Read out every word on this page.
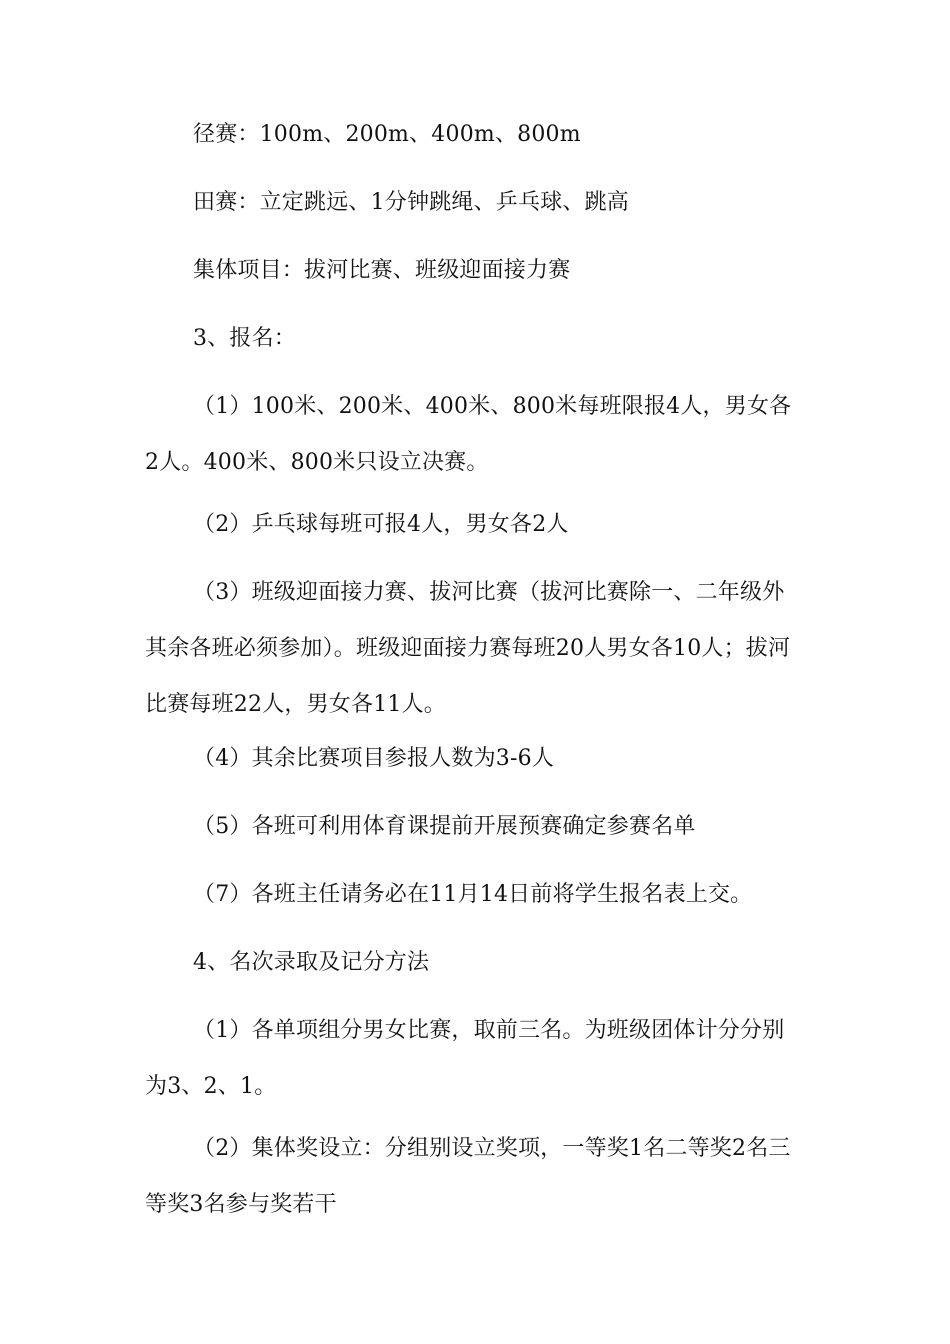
径赛：100m、200m、400m、800m

田赛：立定跳远、1分钟跳绳、乒乓球、跳高

集体项目：拔河比赛、班级迎面接力赛

3、报名：

（1）100米、200米、400米、800米每班限报4人，男女各2人。400米、800米只设立决赛。

（2）乒乓球每班可报4人，男女各2人

（3）班级迎面接力赛、拔河比赛（拔河比赛除一、二年级外其余各班必须参加）。班级迎面接力赛每班20人男女各10人；拔河比赛每班22人，男女各11人。

（4）其余比赛项目参报人数为3-6人

（5）各班可利用体育课提前开展预赛确定参赛名单

（7）各班主任请务必在11月14日前将学生报名表上交。

4、名次录取及记分方法

（1）各单项组分男女比赛，取前三名。为班级团体计分分别为3、2、1。

（2）集体奖设立：分组别设立奖项，一等奖1名二等奖2名三等奖3名参与奖若干
